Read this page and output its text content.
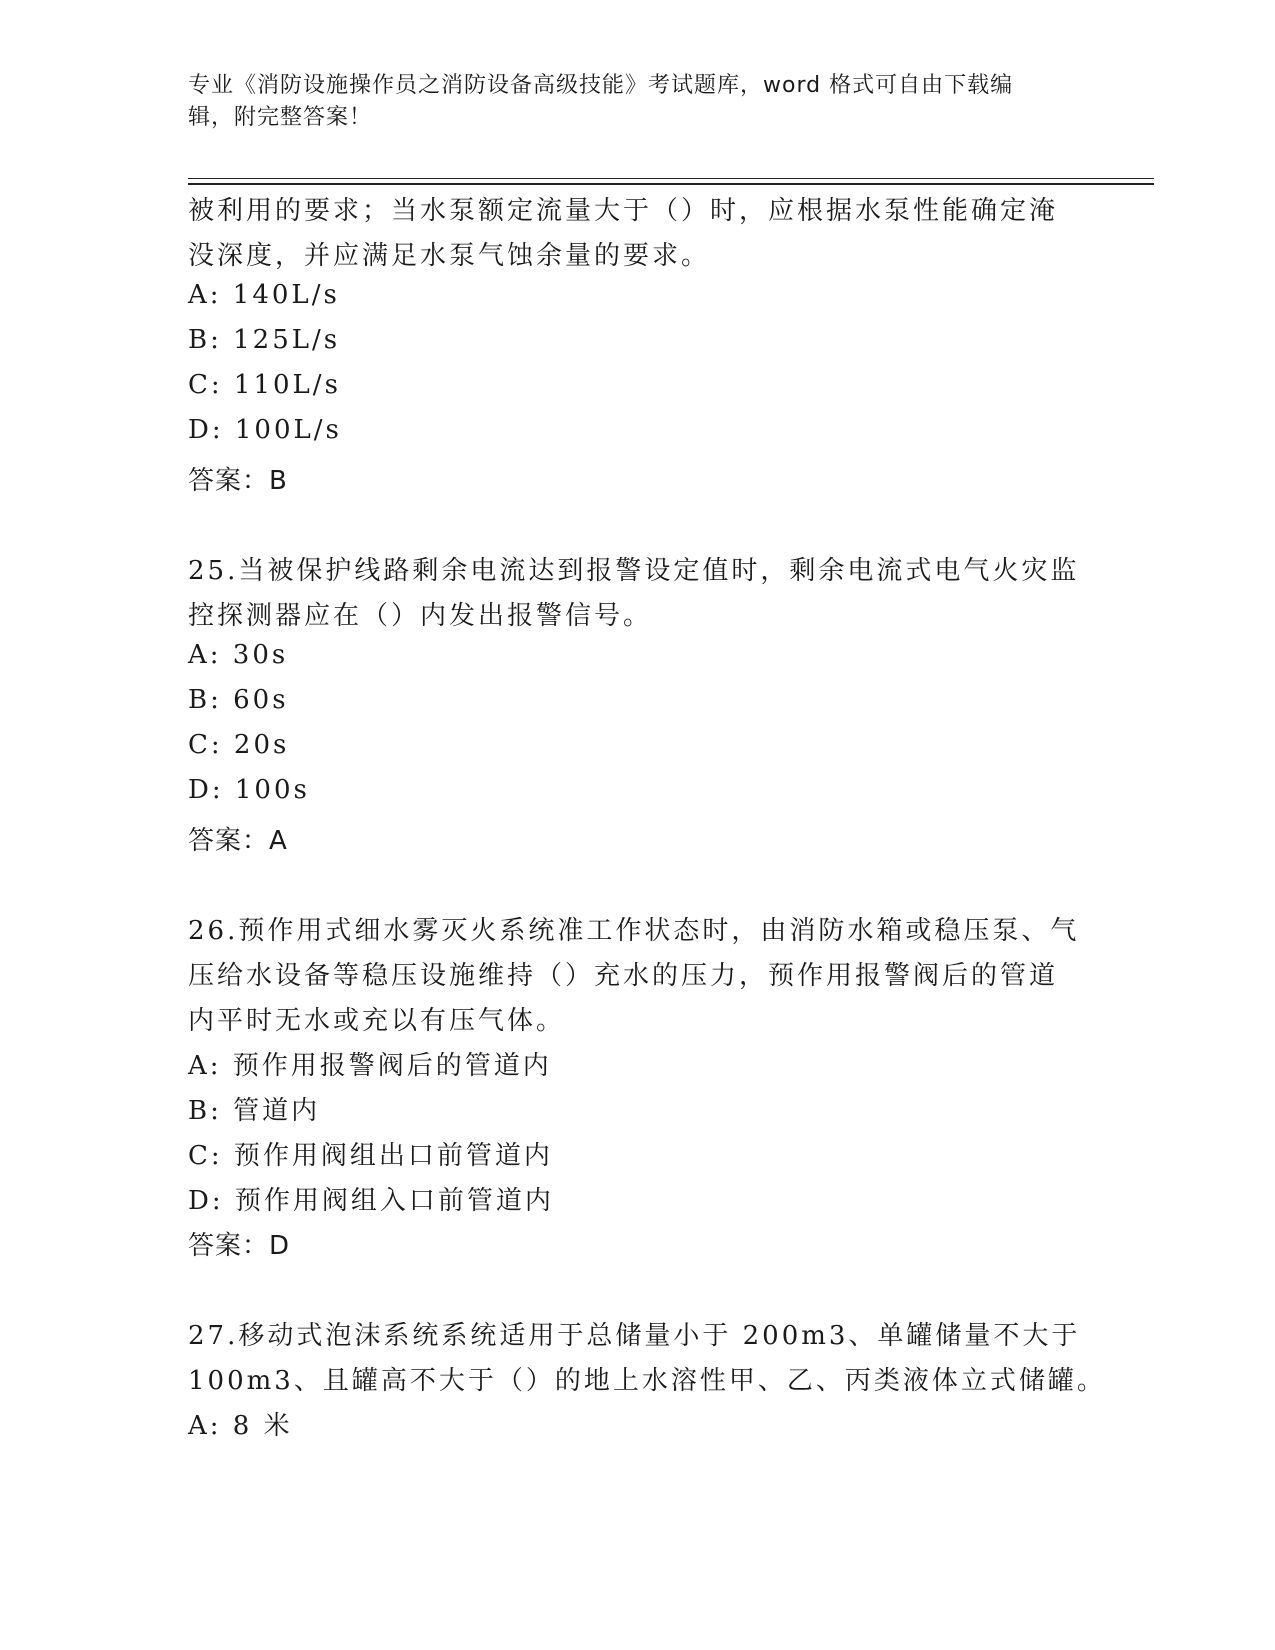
专业《消防设施操作员之消防设备高级技能》考试题库，word 格式可自由下载编
辑，附完整答案！

被利用的要求；当水泵额定流量大于（）时，应根据水泵性能确定淹

没深度，并应满足水泵气蚀余量的要求。

A: 140L/s

B: 125L/s

C: 110L/s

D: 100L/s

答案：B

25.当被保护线路剩余电流达到报警设定值时，剩余电流式电气火灾监

控探测器应在（）内发出报警信号。

A: 30s

B: 60s

C: 20s

D: 100s

答案：A

26.预作用式细水雾灭火系统准工作状态时，由消防水箱或稳压泵、气

压给水设备等稳压设施维持（）充水的压力，预作用报警阀后的管道

内平时无水或充以有压气体。

A: 预作用报警阀后的管道内

B: 管道内

C: 预作用阀组出口前管道内

D: 预作用阀组入口前管道内

答案：D

27.移动式泡沫系统系统适用于总储量小于 200m3、单罐储量不大于

100m3、且罐高不大于（）的地上水溶性甲、乙、丙类液体立式储罐。

A: 8 米
